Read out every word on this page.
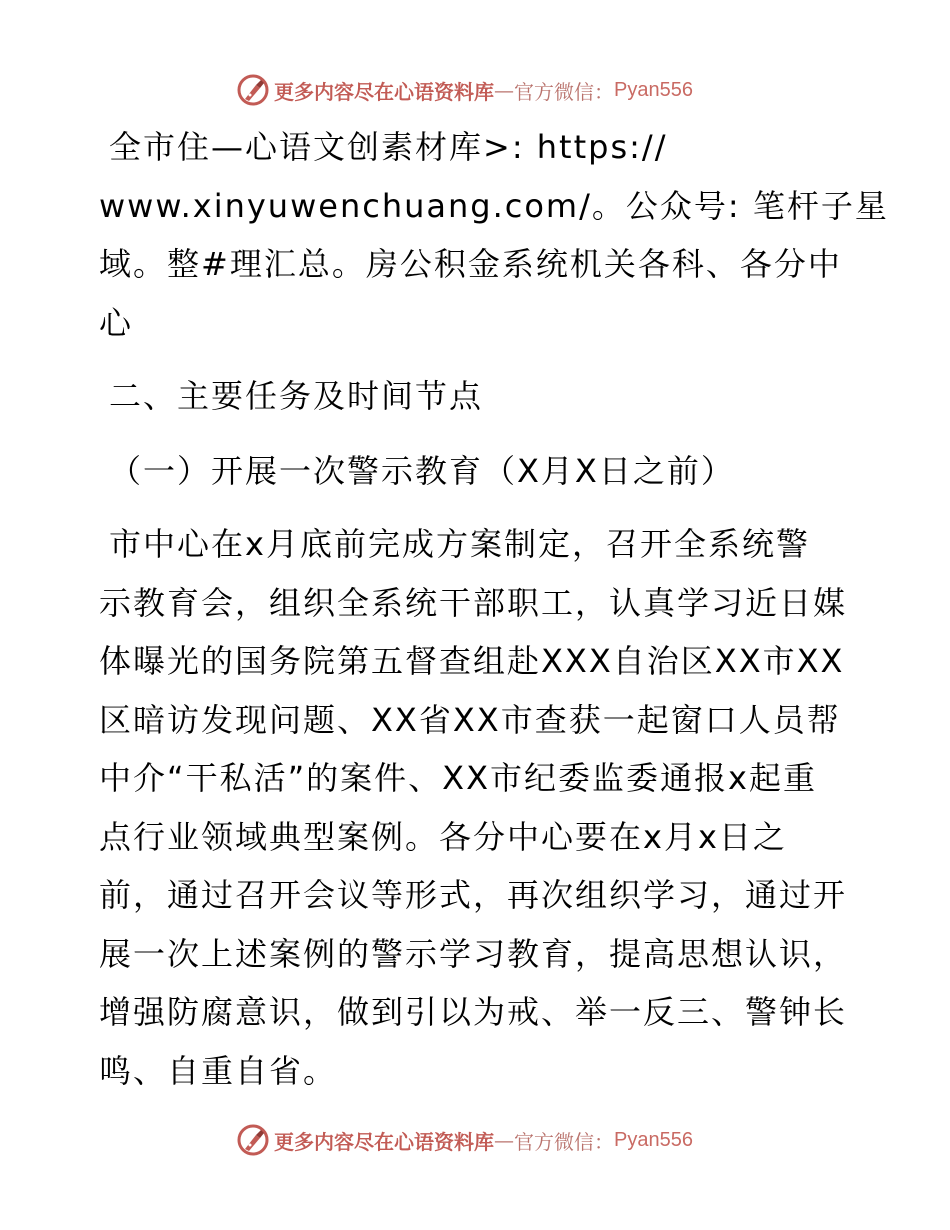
更多内容尽在心语资料库 — 官方微信： Pyan556
全市住—心语文创素材库>: https://
www.xinyuwenchuang.com/。公众号: 笔杆子星
域。整#理汇总。房公积金系统机关各科、各分中
心
二、主要任务及时间节点
（一）开展一次警示教育（X月X日之前）
市中心在x月底前完成方案制定，召开全系统警
示教育会，组织全系统干部职工，认真学习近日媒
体曝光的国务院第五督查组赴XXX自治区XX市XX
区暗访发现问题、XX省XX市查获一起窗口人员帮
中介“干私活”的案件、XX市纪委监委通报x起重
点行业领域典型案例。各分中心要在x月x日之
前，通过召开会议等形式，再次组织学习，通过开
展一次上述案例的警示学习教育，提高思想认识，
增强防腐意识，做到引以为戒、举一反三、警钟长
鸣、自重自省。
更多内容尽在心语资料库 — 官方微信： Pyan556
